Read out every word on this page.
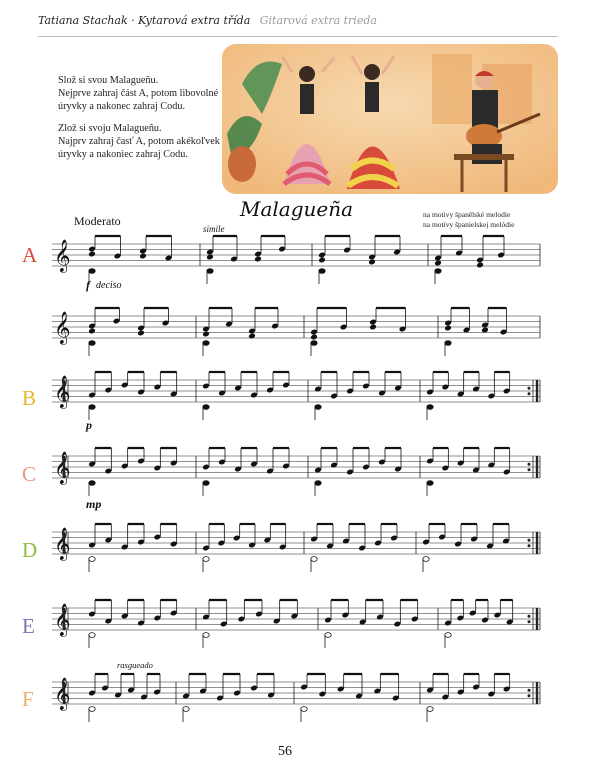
Tatiana Stachak · Kytarová extra třída Gitarová extra trieda
Slož si svou Malagueñu.
Nejprve zahraj část A, potom libovolné
úryvky a nakonec zahraj Codu.
Zlož si svoju Malagueñu.
Najprv zahraj časť A, potom akékoľvek
úryvky a nakoniec zahraj Codu.
Malagueña	na motivy španělské melodie
na motívy španielskej melódie
Moderato
simile
rasgueado
f deciso
p
mp
A
B
C
D
E
F
𝄞
𝄞
𝄞
𝄞
𝄞
𝄞
𝄞
56
